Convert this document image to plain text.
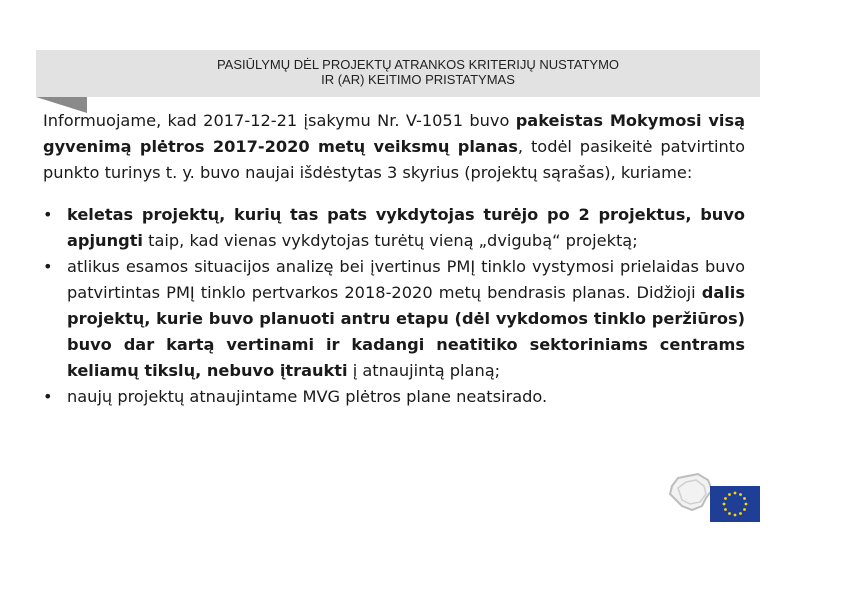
PASIŪLYMŲ DĖL PROJEKTŲ ATRANKOS KRITERIJŲ NUSTATYMO
IR (AR) KEITIMO PRISTATYMAS

Informuojame, kad 2017-12-21 įsakymu Nr. V-1051 buvo pakeistas Mokymosi visą gyvenimą plėtros 2017-2020 metų veiksmų planas, todėl pasikeitė patvirtinto punkto turinys t. y. buvo naujai išdėstytas 3 skyrius (projektų sąrašas), kuriame:

• keletas projektų, kurių tas pats vykdytojas turėjo po 2 projektus, buvo apjungti taip, kad vienas vykdytojas turėtų vieną „dvigubą“ projektą;
• atlikus esamos situacijos analizę bei įvertinus PMĮ tinklo vystymosi prielaidas buvo patvirtintas PMĮ tinklo pertvarkos 2018-2020 metų bendrasis planas. Didžioji dalis projektų, kurie buvo planuoti antru etapu (dėl vykdomos tinklo peržiūros) buvo dar kartą vertinami ir kadangi neatitiko sektoriniams centrams keliamų tikslų, nebuvo įtraukti į atnaujintą planą;
• naujų projektų atnaujintame MVG plėtros plane neatsirado.
